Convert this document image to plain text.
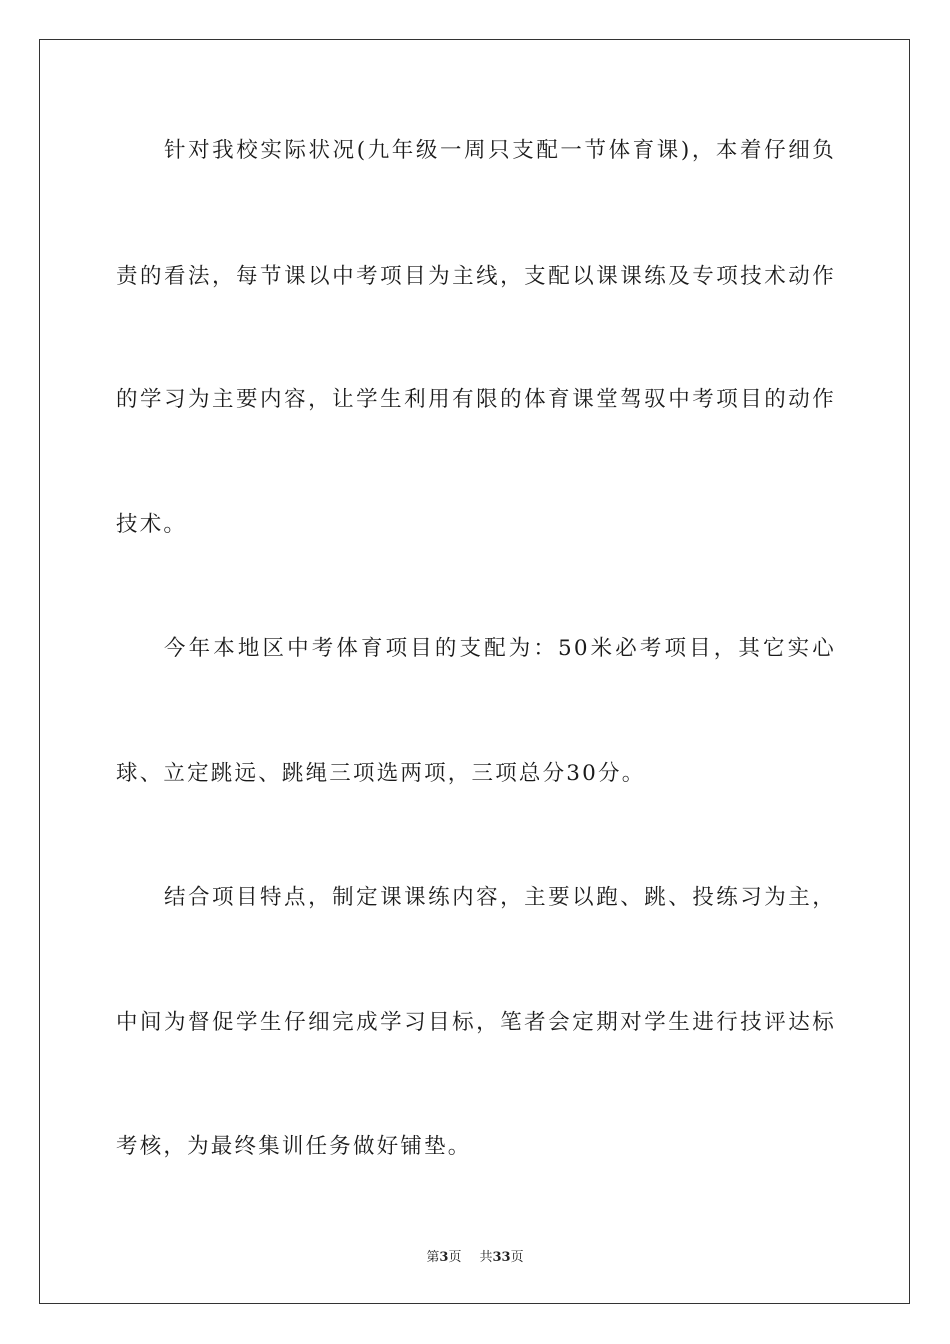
针对我校实际状况(九年级一周只支配一节体育课)，本着仔细负
责的看法，每节课以中考项目为主线，支配以课课练及专项技术动作
的学习为主要内容，让学生利用有限的体育课堂驾驭中考项目的动作
技术。
今年本地区中考体育项目的支配为：50米必考项目，其它实心
球、立定跳远、跳绳三项选两项，三项总分30分。
结合项目特点，制定课课练内容，主要以跑、跳、投练习为主，
中间为督促学生仔细完成学习目标，笔者会定期对学生进行技评达标
考核，为最终集训任务做好铺垫。
第3页 共33页
